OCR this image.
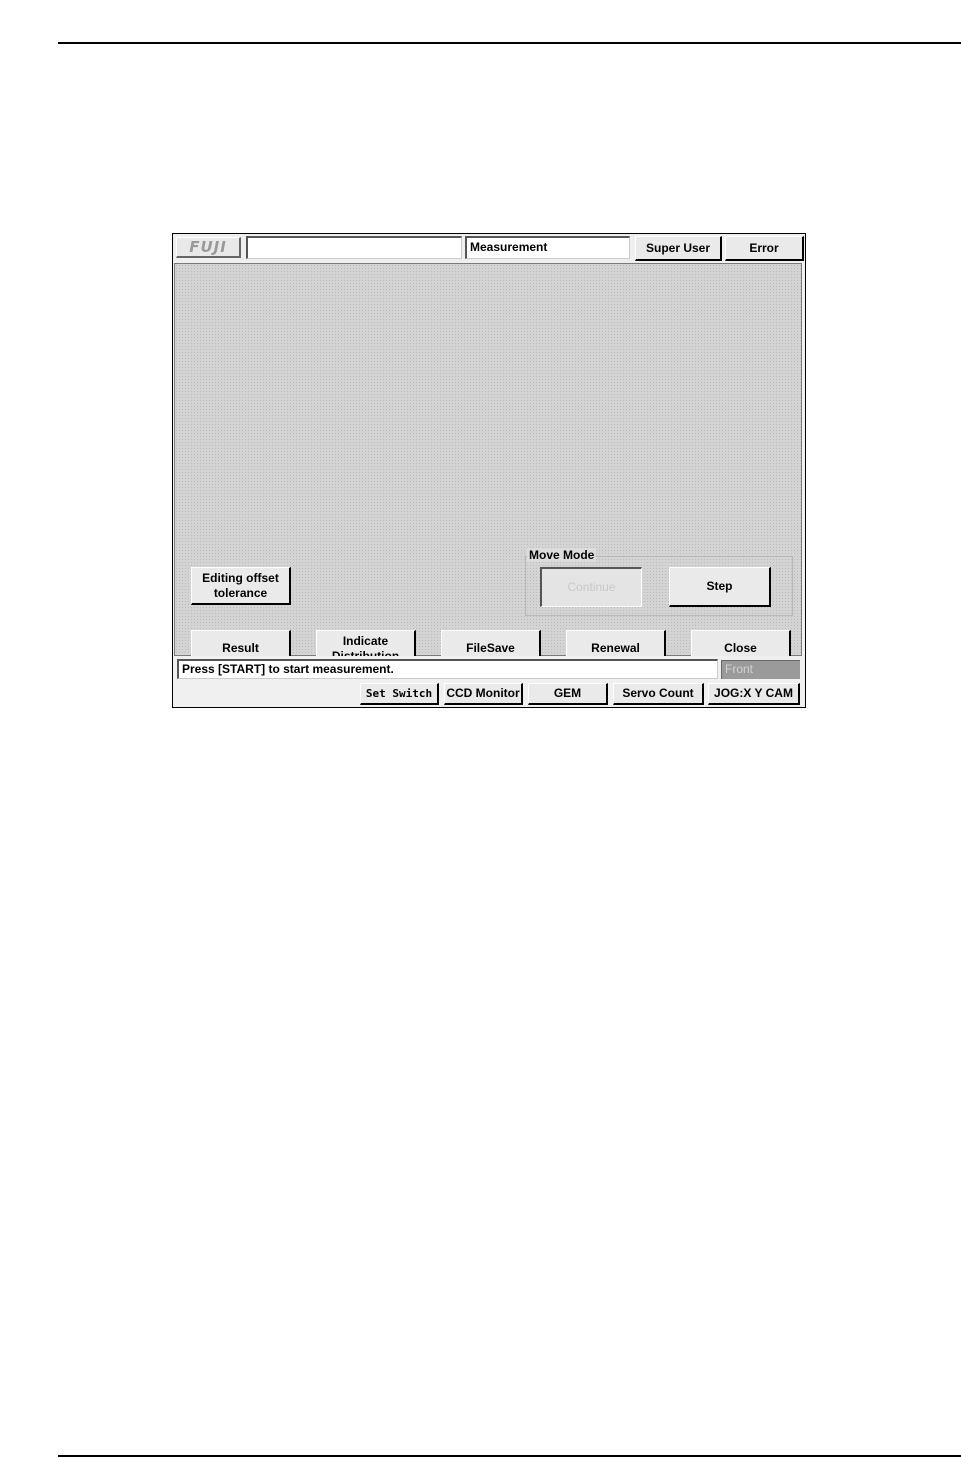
FUJI	Measurement	Super User	Error
Move Mode
Continue	Step
Editing offset
tolerance
Result
Indicate
FileSave	Renewal	Close
Press [START] to start measurement.	Front
Set Switch	CCD Monitor	GEM	Servo Count	JOG:X Y CAM
